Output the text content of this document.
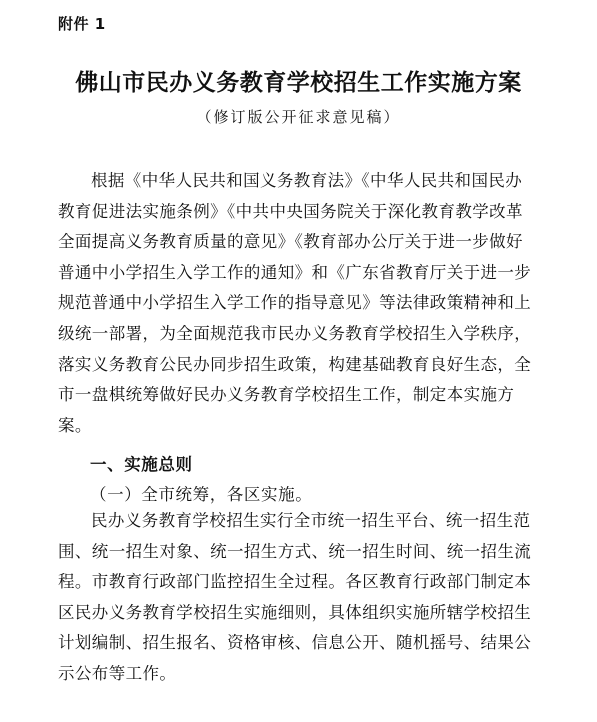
附件 1
佛山市民办义务教育学校招生工作实施方案
（修订版公开征求意见稿）
根据《中华人民共和国义务教育法》《中华人民共和国民办
教育促进法实施条例》《中共中央国务院关于深化教育教学改革
全面提高义务教育质量的意见》《教育部办公厅关于进一步做好
普通中小学招生入学工作的通知》和《广东省教育厅关于进一步
规范普通中小学招生入学工作的指导意见》等法律政策精神和上
级统一部署，为全面规范我市民办义务教育学校招生入学秩序，
落实义务教育公民办同步招生政策，构建基础教育良好生态，全
市一盘棋统筹做好民办义务教育学校招生工作，制定本实施方
案。
一、实施总则
（一）全市统筹，各区实施。
民办义务教育学校招生实行全市统一招生平台、统一招生范
围、统一招生对象、统一招生方式、统一招生时间、统一招生流
程。市教育行政部门监控招生全过程。各区教育行政部门制定本
区民办义务教育学校招生实施细则，具体组织实施所辖学校招生
计划编制、招生报名、资格审核、信息公开、随机摇号、结果公
示公布等工作。
